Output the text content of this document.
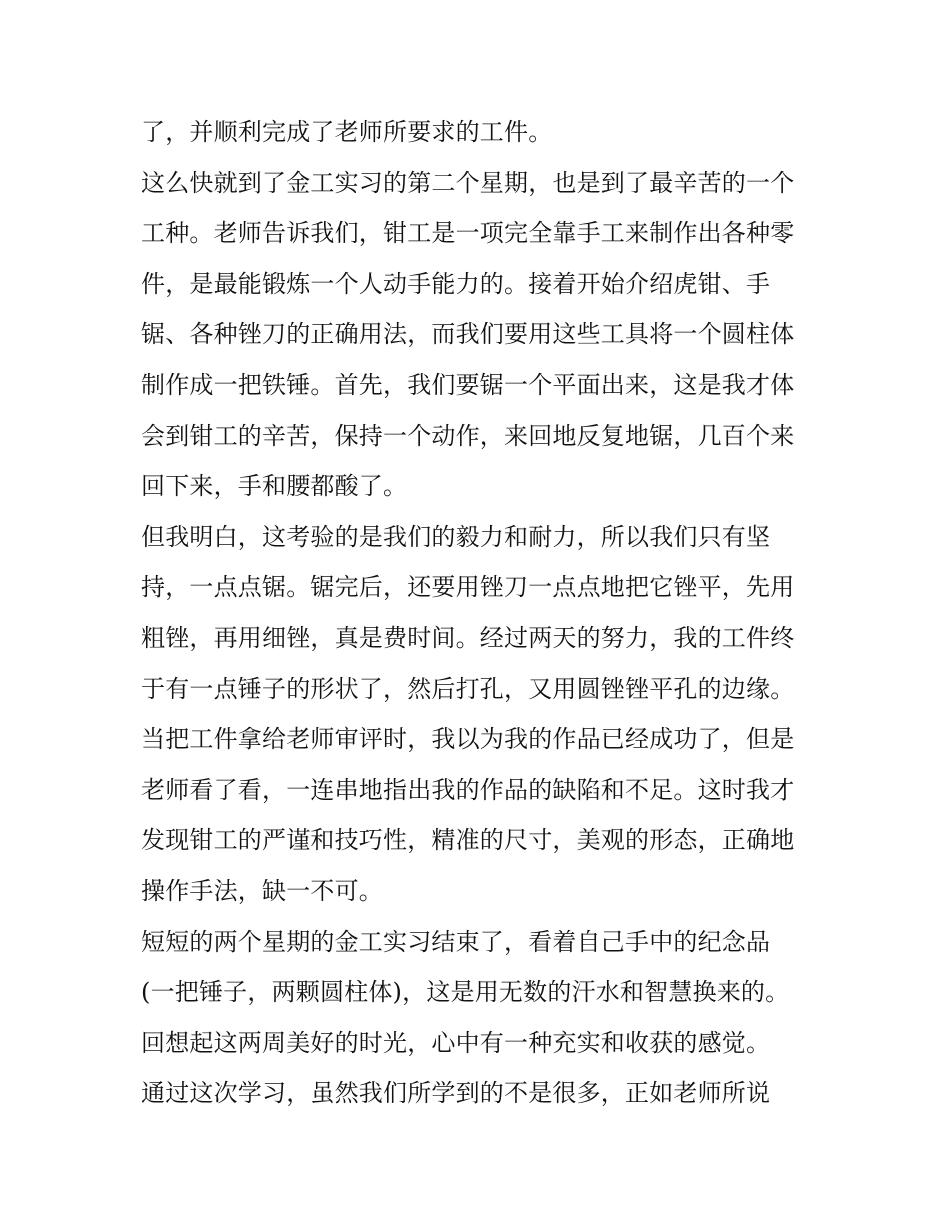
了，并顺利完成了老师所要求的工件。
这么快就到了金工实习的第二个星期，也是到了最辛苦的一个
工种。老师告诉我们，钳工是一项完全靠手工来制作出各种零
件，是最能锻炼一个人动手能力的。接着开始介绍虎钳、手
锯、各种锉刀的正确用法，而我们要用这些工具将一个圆柱体
制作成一把铁锤。首先，我们要锯一个平面出来，这是我才体
会到钳工的辛苦，保持一个动作，来回地反复地锯，几百个来
回下来，手和腰都酸了。
但我明白，这考验的是我们的毅力和耐力，所以我们只有坚
持，一点点锯。锯完后，还要用锉刀一点点地把它锉平，先用
粗锉，再用细锉，真是费时间。经过两天的努力，我的工件终
于有一点锤子的形状了，然后打孔，又用圆锉锉平孔的边缘。
当把工件拿给老师审评时，我以为我的作品已经成功了，但是
老师看了看，一连串地指出我的作品的缺陷和不足。这时我才
发现钳工的严谨和技巧性，精准的尺寸，美观的形态，正确地
操作手法，缺一不可。
短短的两个星期的金工实习结束了，看着自己手中的纪念品
(一把锤子，两颗圆柱体)，这是用无数的汗水和智慧换来的。
回想起这两周美好的时光，心中有一种充实和收获的感觉。
通过这次学习，虽然我们所学到的不是很多，正如老师所说
